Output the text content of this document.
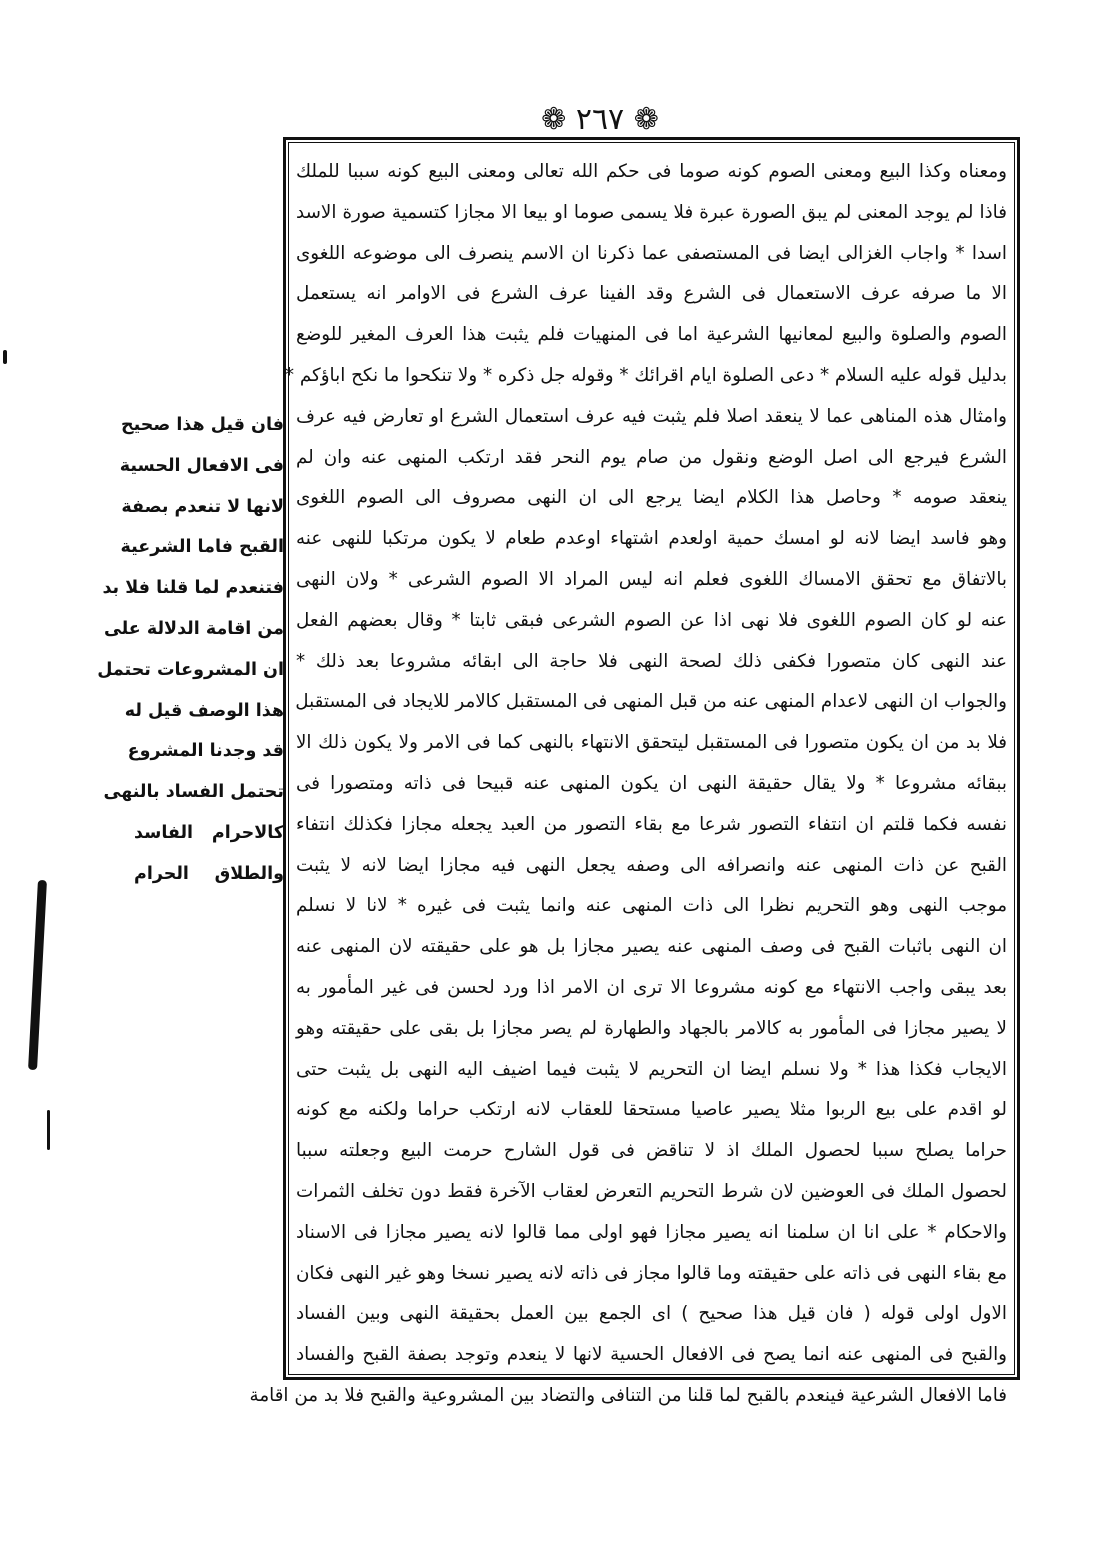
❁ ٢٦٧ ❁
ومعناه وكذا البيع ومعنى الصوم كونه صوما فى حكم الله تعالى ومعنى البيع كونه سببا للملك
فاذا لم يوجد المعنى لم يبق الصورة عبرة فلا يسمى صوما او بيعا الا مجازا كتسمية صورة الاسد
اسدا * واجاب الغزالى ايضا فى المستصفى عما ذكرنا ان الاسم ينصرف الى موضوعه اللغوى
الا ما صرفه عرف الاستعمال فى الشرع وقد الفينا عرف الشرع فى الاوامر انه يستعمل
الصوم والصلوة والبيع لمعانيها الشرعية اما فى المنهيات فلم يثبت هذا العرف المغير للوضع
بدليل قوله عليه السلام * دعى الصلوة ايام اقرائك * وقوله جل ذكره * ولا تنكحوا ما نكح اباؤكم *
وامثال هذه المناهى عما لا ينعقد اصلا فلم يثبت فيه عرف استعمال الشرع او تعارض فيه عرف
الشرع فيرجع الى اصل الوضع ونقول من صام يوم النحر فقد ارتكب المنهى عنه وان لم
ينعقد صومه * وحاصل هذا الكلام ايضا يرجع الى ان النهى مصروف الى الصوم اللغوى
وهو فاسد ايضا لانه لو امسك حمية اولعدم اشتهاء اوعدم طعام لا يكون مرتكبا للنهى عنه
بالاتفاق مع تحقق الامساك اللغوى فعلم انه ليس المراد الا الصوم الشرعى * ولان النهى
عنه لو كان الصوم اللغوى فلا نهى اذا عن الصوم الشرعى فبقى ثابتا * وقال بعضهم الفعل
عند النهى كان متصورا فكفى ذلك لصحة النهى فلا حاجة الى ابقائه مشروعا بعد ذلك *
والجواب ان النهى لاعدام المنهى عنه من قبل المنهى فى المستقبل كالامر للايجاد فى المستقبل
فلا بد من ان يكون متصورا فى المستقبل ليتحقق الانتهاء بالنهى كما فى الامر ولا يكون ذلك الا
ببقائه مشروعا * ولا يقال حقيقة النهى ان يكون المنهى عنه قبيحا فى ذاته ومتصورا فى
نفسه فكما قلتم ان انتفاء التصور شرعا مع بقاء التصور من العبد يجعله مجازا فكذلك انتفاء
القبح عن ذات المنهى عنه وانصرافه الى وصفه يجعل النهى فيه مجازا ايضا لانه لا يثبت
موجب النهى وهو التحريم نظرا الى ذات المنهى عنه وانما يثبت فى غيره * لانا لا نسلم
ان النهى باثبات القبح فى وصف المنهى عنه يصير مجازا بل هو على حقيقته لان المنهى عنه
بعد يبقى واجب الانتهاء مع كونه مشروعا الا ترى ان الامر اذا ورد لحسن فى غير المأمور به
لا يصير مجازا فى المأمور به كالامر بالجهاد والطهارة لم يصر مجازا بل بقى على حقيقته وهو
الايجاب فكذا هذا * ولا نسلم ايضا ان التحريم لا يثبت فيما اضيف اليه النهى بل يثبت حتى
لو اقدم على بيع الربوا مثلا يصير عاصيا مستحقا للعقاب لانه ارتكب حراما ولكنه مع كونه
حراما يصلح سببا لحصول الملك اذ لا تناقض فى قول الشارح حرمت البيع وجعلته سببا
لحصول الملك فى العوضين لان شرط التحريم التعرض لعقاب الآخرة فقط دون تخلف الثمرات
والاحكام * على انا ان سلمنا انه يصير مجازا فهو اولى مما قالوا لانه يصير مجازا فى الاسناد
مع بقاء النهى فى ذاته على حقيقته وما قالوا مجاز فى ذاته لانه يصير نسخا وهو غير النهى فكان
الاول اولى قوله ( فان قيل هذا صحيح ) اى الجمع بين العمل بحقيقة النهى وبين الفساد
والقبح فى المنهى عنه انما يصح فى الافعال الحسية لانها لا ينعدم وتوجد بصفة القبح والفساد
فاما الافعال الشرعية فينعدم بالقبح لما قلنا من التنافى والتضاد بين المشروعية والقبح فلا بد من اقامة
فان قيل هذا صحيح
فى الافعال الحسية
لانها لا تنعدم بصفة
القبح فاما الشرعية
فتنعدم لما قلنا فلا بد
من اقامة الدلالة على
ان المشروعات تحتمل
هذا الوصف قيل له
قد وجدنا المشروع
تحتمل الفساد بالنهى
كالاحرام الفاسد
والطلاق الحرام
